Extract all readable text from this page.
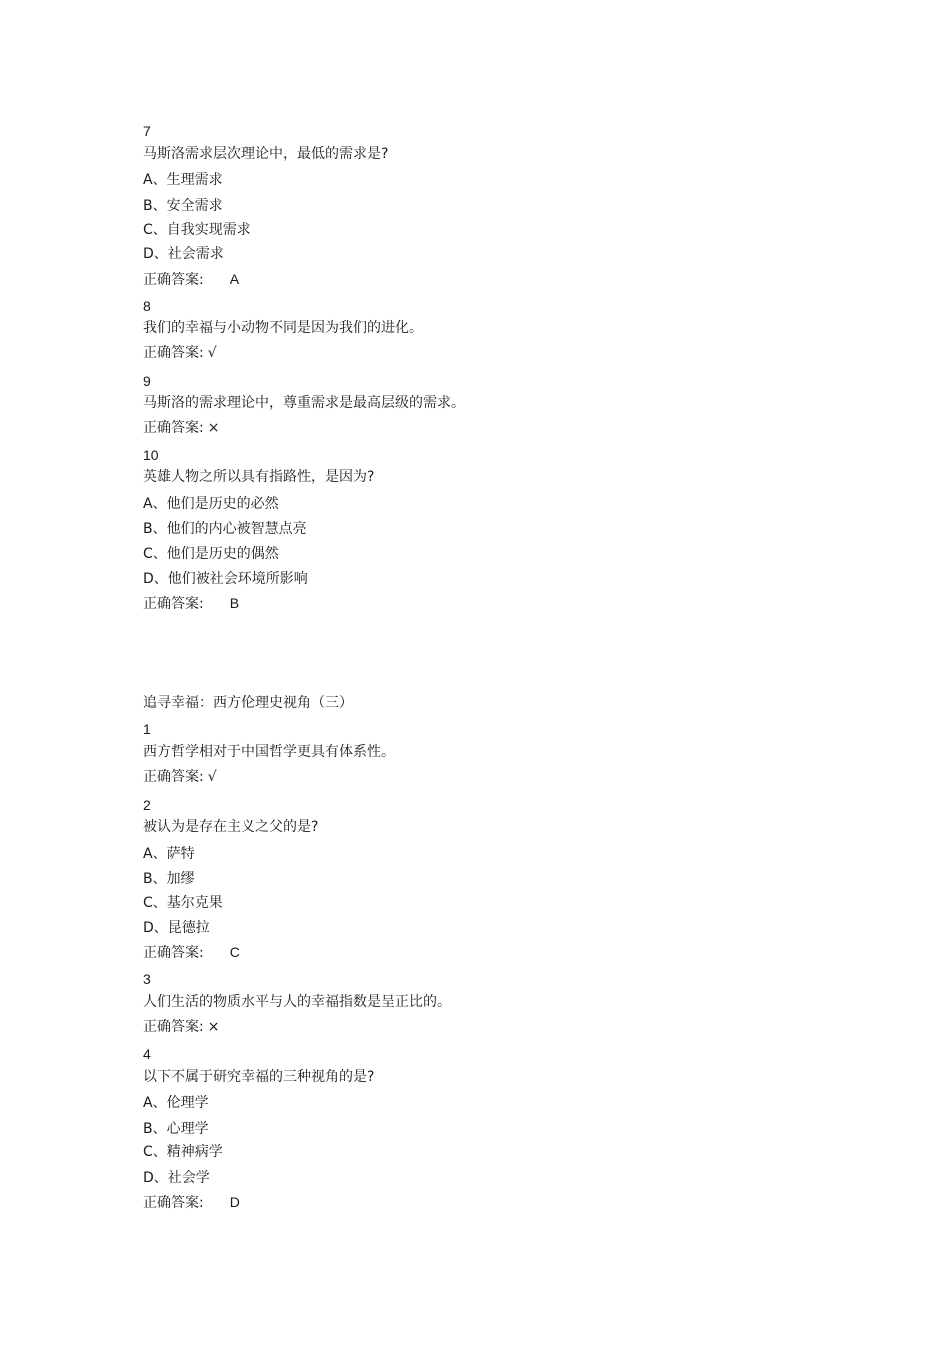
7
马斯洛需求层次理论中，最低的需求是?
A、生理需求
B、安全需求
C、自我实现需求
D、社会需求
正确答案: A
8
我们的幸福与小动物不同是因为我们的进化。
正确答案: √
9
马斯洛的需求理论中，尊重需求是最高层级的需求。
正确答案: ×
10
英雄人物之所以具有指路性，是因为?
A、他们是历史的必然
B、他们的内心被智慧点亮
C、他们是历史的偶然
D、他们被社会环境所影响
正确答案: B
追寻幸福：西方伦理史视角（三）
1
西方哲学相对于中国哲学更具有体系性。
正确答案: √
2
被认为是存在主义之父的是?
A、萨特
B、加缪
C、基尔克果
D、昆德拉
正确答案: C
3
人们生活的物质水平与人的幸福指数是呈正比的。
正确答案: ×
4
以下不属于研究幸福的三种视角的是?
A、伦理学
B、心理学
C、精神病学
D、社会学
正确答案: D
